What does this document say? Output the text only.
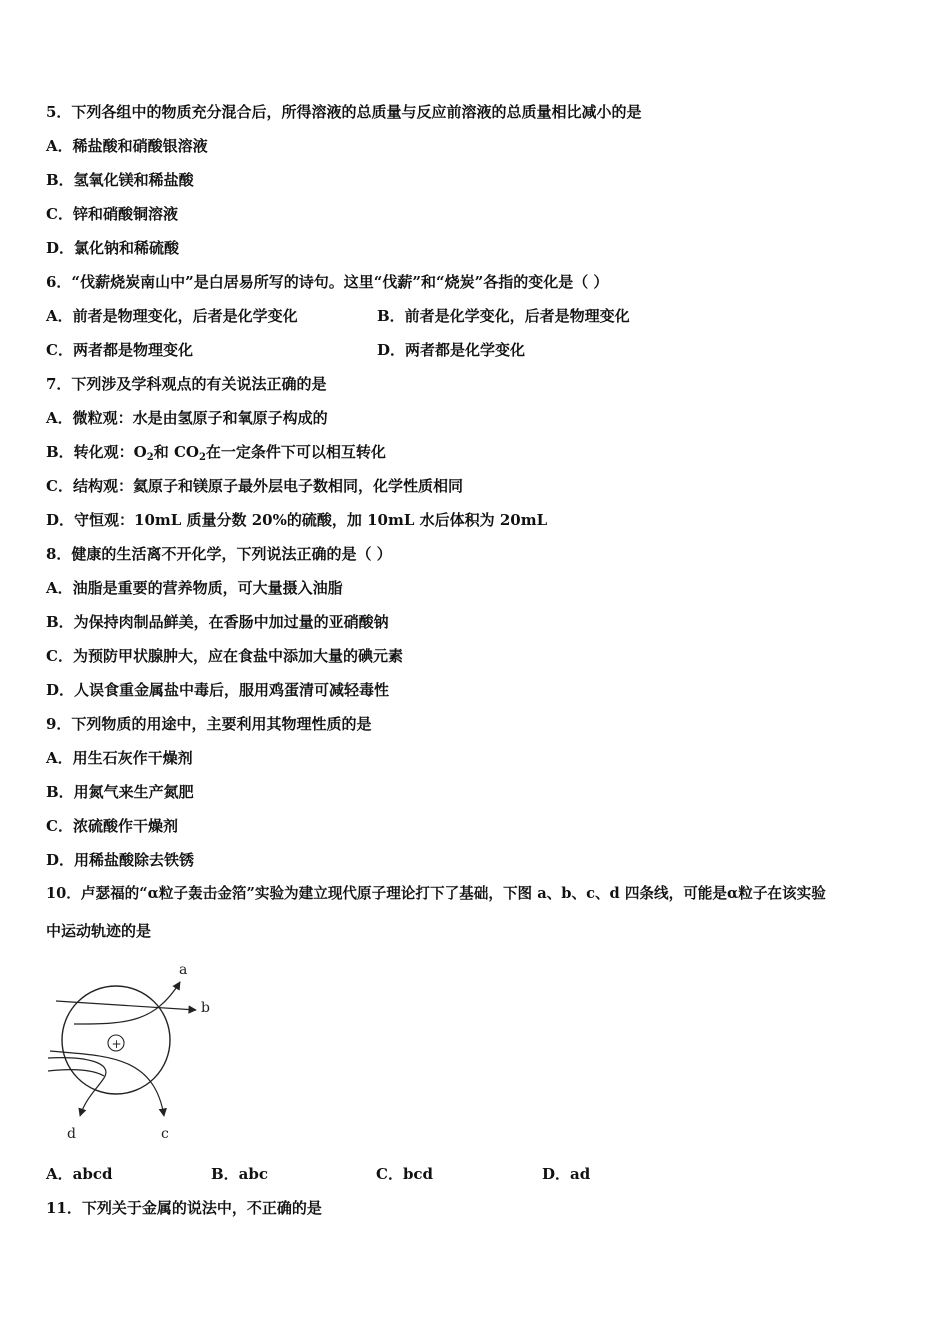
5．下列各组中的物质充分混合后，所得溶液的总质量与反应前溶液的总质量相比减小的是
A．稀盐酸和硝酸银溶液
B．氢氧化镁和稀盐酸
C．锌和硝酸铜溶液
D．氯化钠和稀硫酸
6．“伐薪烧炭南山中”是白居易所写的诗句。这里“伐薪”和“烧炭”各指的变化是（ ）
A．前者是物理变化，后者是化学变化	B．前者是化学变化，后者是物理变化
C．两者都是物理变化	D．两者都是化学变化
7．下列涉及学科观点的有关说法正确的是
A．微粒观：水是由氢原子和氧原子构成的
B．转化观：$O_2$和 $CO_2$在一定条件下可以相互转化
C．结构观：氦原子和镁原子最外层电子数相同，化学性质相同
D．守恒观：10mL 质量分数 20%的硫酸，加 10mL 水后体积为 20mL
8．健康的生活离不开化学，下列说法正确的是（ ）
A．油脂是重要的营养物质，可大量摄入油脂
B．为保持肉制品鲜美，在香肠中加过量的亚硝酸钠
C．为预防甲状腺肿大，应在食盐中添加大量的碘元素
D．人误食重金属盐中毒后，服用鸡蛋清可减轻毒性
9．下列物质的用途中，主要利用其物理性质的是
A．用生石灰作干燥剂
B．用氮气来生产氮肥
C．浓硫酸作干燥剂
D．用稀盐酸除去铁锈
10．卢瑟福的“α粒子轰击金箔”实验为建立现代原子理论打下了基础，下图 a、b、c、d 四条线，可能是α粒子在该实验
中运动轨迹的是
+
a
b
c
d
A．abcd	B．abc	C．bcd	D．ad
11．下列关于金属的说法中，不正确的是
